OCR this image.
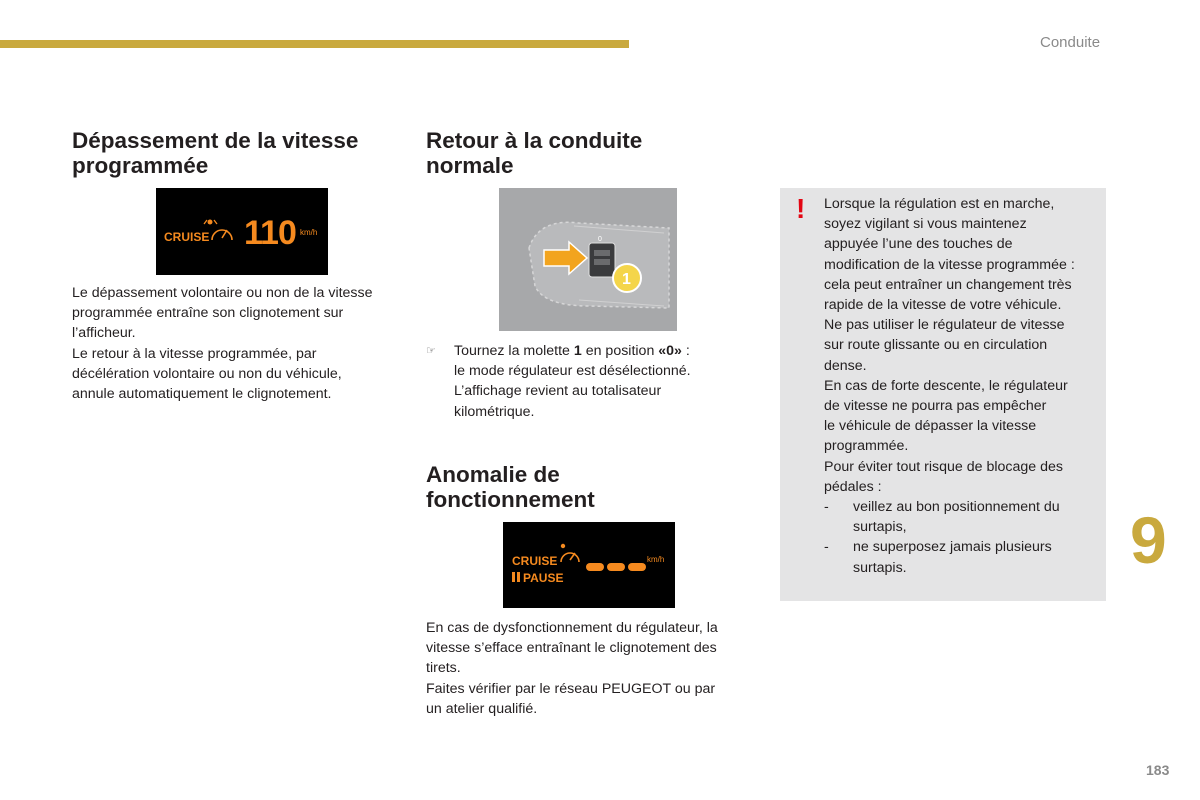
Conduite
Dépassement de la vitesse
programmée
CRUISE 110 km/h
Le dépassement volontaire ou non de la vitesse
programmée entraîne son clignotement sur
l’afficheur.
Le retour à la vitesse programmée, par
décélération volontaire ou non du véhicule,
annule automatiquement le clignotement.
Retour à la conduite
normale
0
1
☞ Tournez la molette 1 en position «0» :
le mode régulateur est désélectionné.
L’affichage revient au totalisateur
kilométrique.
Anomalie de
fonctionnement
CRUISE
PAUSE
km/h
En cas de dysfonctionnement du régulateur, la
vitesse s’efface entraînant le clignotement des
tirets.
Faites vérifier par le réseau PEUGEOT ou par
un atelier qualifié.
! Lorsque la régulation est en marche,
soyez vigilant si vous maintenez
appuyée l’une des touches de
modification de la vitesse programmée :
cela peut entraîner un changement très
rapide de la vitesse de votre véhicule.
Ne pas utiliser le régulateur de vitesse
sur route glissante ou en circulation
dense.
En cas de forte descente, le régulateur
de vitesse ne pourra pas empêcher
le véhicule de dépasser la vitesse
programmée.
Pour éviter tout risque de blocage des
pédales :
- veillez au bon positionnement du
surtapis,
- ne superposez jamais plusieurs
surtapis.	9
183
